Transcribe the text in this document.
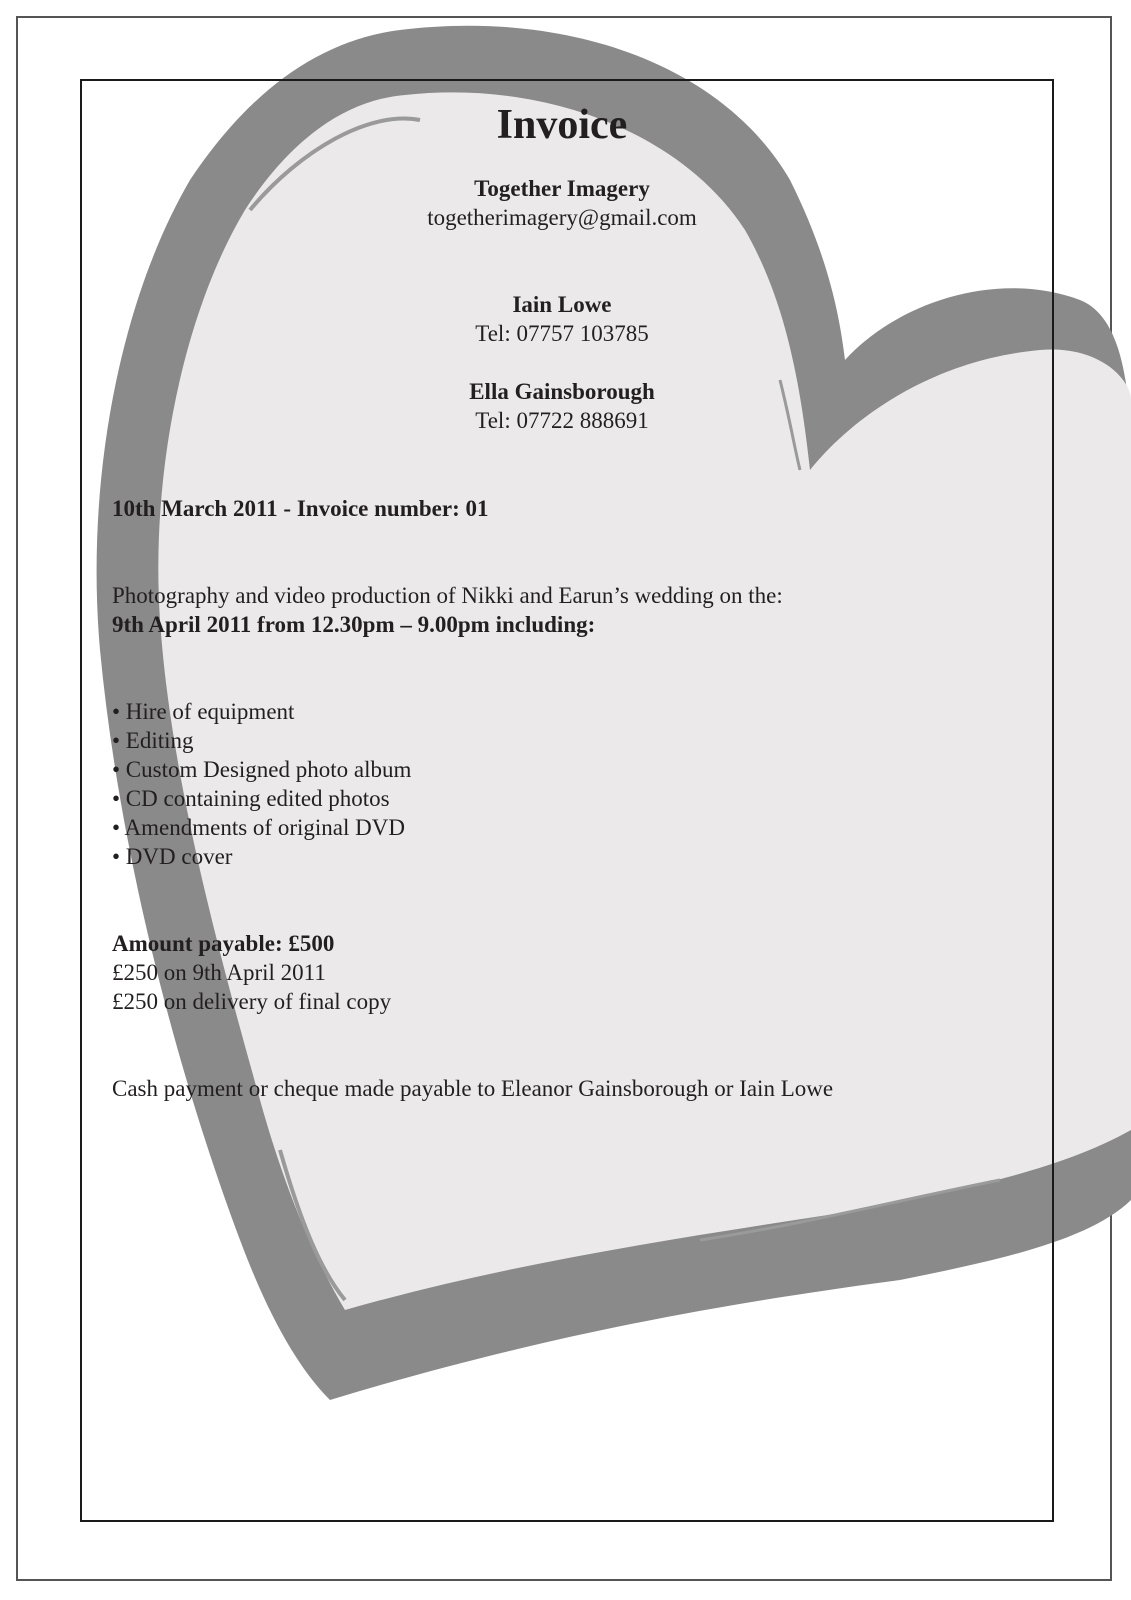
Invoice
Together Imagery
togetherimagery@gmail.com
Iain Lowe
Tel: 07757 103785
Ella Gainsborough
Tel: 07722 888691
10th March 2011 - Invoice number: 01
Photography and video production of Nikki and Earun’s wedding on the:
9th April 2011 from 12.30pm – 9.00pm including:
• Hire of equipment
• Editing
• Custom Designed photo album
• CD containing edited photos
• Amendments of original DVD
• DVD cover
Amount payable: £500
£250 on 9th April 2011
£250 on delivery of final copy
Cash payment or cheque made payable to Eleanor Gainsborough or Iain Lowe
